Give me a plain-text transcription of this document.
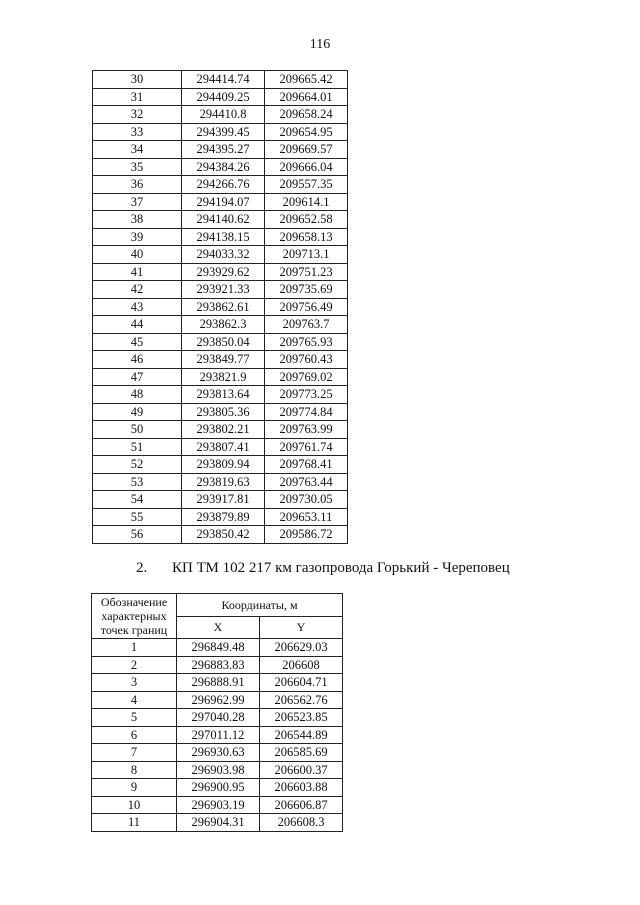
116
30	294414.74	209665.42
31	294409.25	209664.01
32	294410.8	209658.24
33	294399.45	209654.95
34	294395.27	209669.57
35	294384.26	209666.04
36	294266.76	209557.35
37	294194.07	209614.1
38	294140.62	209652.58
39	294138.15	209658.13
40	294033.32	209713.1
41	293929.62	209751.23
42	293921.33	209735.69
43	293862.61	209756.49
44	293862.3	209763.7
45	293850.04	209765.93
46	293849.77	209760.43
47	293821.9	209769.02
48	293813.64	209773.25
49	293805.36	209774.84
50	293802.21	209763.99
51	293807.41	209761.74
52	293809.94	209768.41
53	293819.63	209763.44
54	293917.81	209730.05
55	293879.89	209653.11
56	293850.42	209586.72
2. КП ТМ 102 217 км газопровода Горький - Череповец
Обозначение характерных точек границ	Координаты, м	
	X	Y
1	296849.48	206629.03
2	296883.83	206608
3	296888.91	206604.71
4	296962.99	206562.76
5	297040.28	206523.85
6	297011.12	206544.89
7	296930.63	206585.69
8	296903.98	206600.37
9	296900.95	206603.88
10	296903.19	206606.87
11	296904.31	206608.3
